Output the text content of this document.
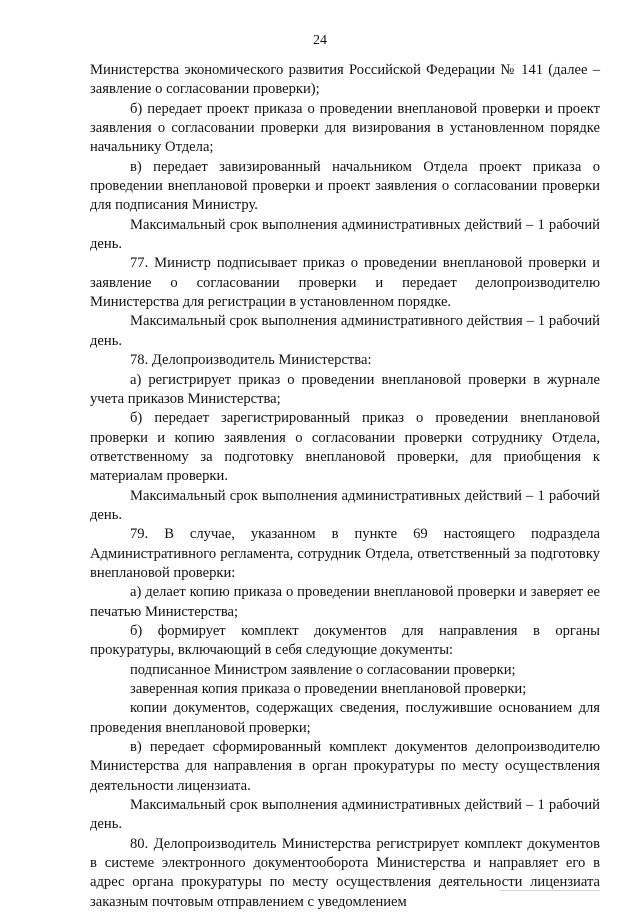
24

Министерства экономического развития Российской Федерации № 141 (далее – заявление о согласовании проверки);

б) передает проект приказа о проведении внеплановой проверки и проект заявления о согласовании проверки для визирования в установленном порядке начальнику Отдела;

в) передает завизированный начальником Отдела проект приказа о проведении внеплановой проверки и проект заявления о согласовании проверки для подписания Министру.

Максимальный срок выполнения административных действий – 1 рабочий день.

77. Министр подписывает приказ о проведении внеплановой проверки и заявление о согласовании проверки и передает делопроизводителю Министерства для регистрации в установленном порядке.

Максимальный срок выполнения административного действия – 1 рабочий день.

78. Делопроизводитель Министерства:

а) регистрирует приказ о проведении внеплановой проверки в журнале учета приказов Министерства;

б) передает зарегистрированный приказ о проведении внеплановой проверки и копию заявления о согласовании проверки сотруднику Отдела, ответственному за подготовку внеплановой проверки, для приобщения к материалам проверки.

Максимальный срок выполнения административных действий – 1 рабочий день.

79. В случае, указанном в пункте 69 настоящего подраздела Административного регламента, сотрудник Отдела, ответственный за подготовку внеплановой проверки:

а) делает копию приказа о проведении внеплановой проверки и заверяет ее печатью Министерства;

б) формирует комплект документов для направления в органы прокуратуры, включающий в себя следующие документы:

подписанное Министром заявление о согласовании проверки;

заверенная копия приказа о проведении внеплановой проверки;

копии документов, содержащих сведения, послужившие основанием для проведения внеплановой проверки;

в) передает сформированный комплект документов делопроизводителю Министерства для направления в орган прокуратуры по месту осуществления деятельности лицензиата.

Максимальный срок выполнения административных действий – 1 рабочий день.

80. Делопроизводитель Министерства регистрирует комплект документов в системе электронного документооборота Министерства и направляет его в адрес органа прокуратуры по месту осуществления деятельности лицензиата заказным почтовым отправлением с уведомлением
